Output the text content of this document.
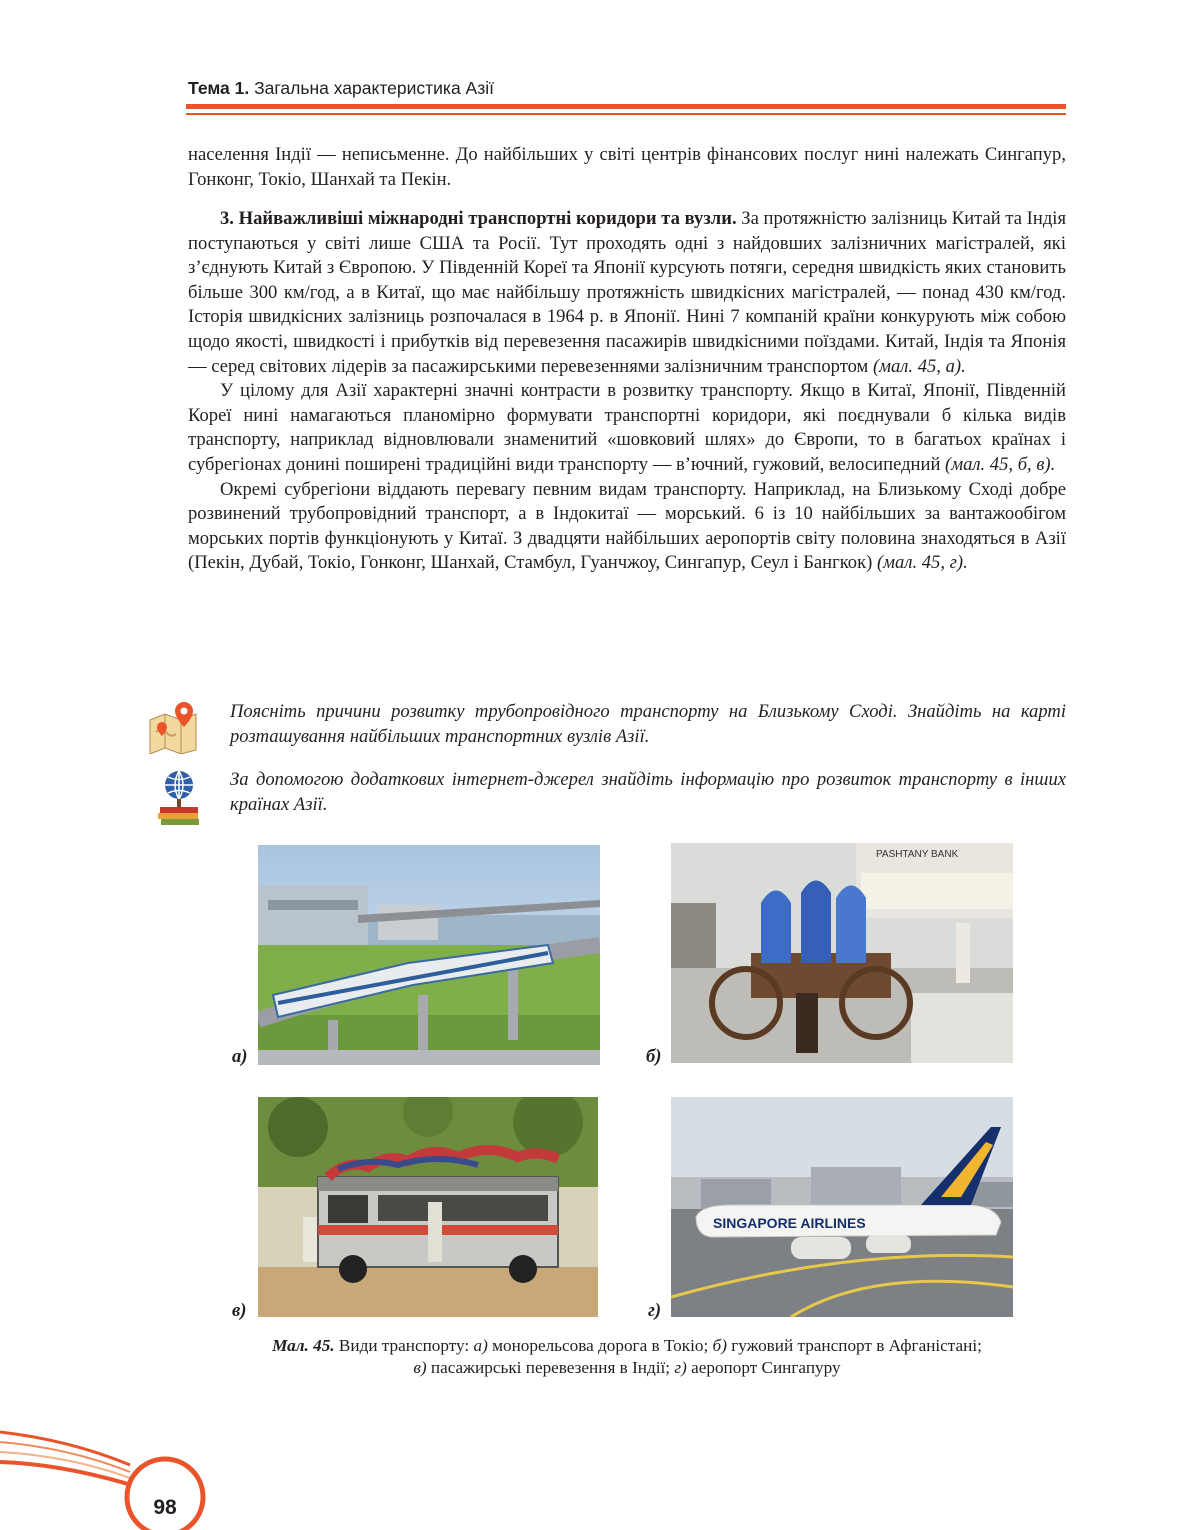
Тема 1. Загальна характеристика Азії

населення Індії — неписьменне. До найбільших у світі центрів фінансових послуг нині належать Сингапур, Гонконг, Токіо, Шанхай та Пекін.

3. Найважливіші міжнародні транспортні коридори та вузли. За протяжністю залізниць Китай та Індія поступаються у світі лише США та Росії. Тут проходять одні з найдовших залізничних магістралей, які з’єднують Китай з Європою. У Південній Кореї та Японії курсують потяги, середня швидкість яких становить більше 300 км/год, а в Китаї, що має найбільшу протяжність швидкісних магістралей, — понад 430 км/год. Історія швидкісних залізниць розпочалася в 1964 р. в Японії. Нині 7 компаній країни конкурують між собою щодо якості, швидкості і прибутків від перевезення пасажирів швидкісними поїздами. Китай, Індія та Японія — серед світових лідерів за пасажирськими перевезеннями залізничним транспортом (мал. 45, а).

У цілому для Азії характерні значні контрасти в розвитку транспорту. Якщо в Китаї, Японії, Південній Кореї нині намагаються планомірно формувати транспортні коридори, які поєднували б кілька видів транспорту, наприклад відновлювали знаменитий «шовковий шлях» до Європи, то в багатьох країнах і субрегіонах донині поширені традиційні види транспорту — в’ючний, гужовий, велосипедний (мал. 45, б, в).

Окремі субрегіони віддають перевагу певним видам транспорту. Наприклад, на Близькому Сході добре розвинений трубопровідний транспорт, а в Індокитаї — морський. 6 із 10 найбільших за вантажообігом морських портів функціонують у Китаї. З двадцяти найбільших аеропортів світу половина знаходяться в Азії (Пекін, Дубай, Токіо, Гонконг, Шанхай, Стамбул, Гуанчжоу, Сингапур, Сеул і Бангкок) (мал. 45, г).

Поясніть причини розвитку трубопровідного транспорту на Близькому Сході. Знайдіть на карті розташування найбільших транспортних вузлів Азії.
За допомогою додаткових інтернет-джерел знайдіть інформацію про розвиток транспорту в інших країнах Азії.
а)
PASHTANY BANK
б)
в)
SINGAPORE AIRLINES
г)
Мал. 45. Види транспорту: а) монорельсова дорога в Токіо; б) гужовий транспорт в Афганістані;
в) пасажирські перевезення в Індії; г) аеропорт Сингапуру
98
